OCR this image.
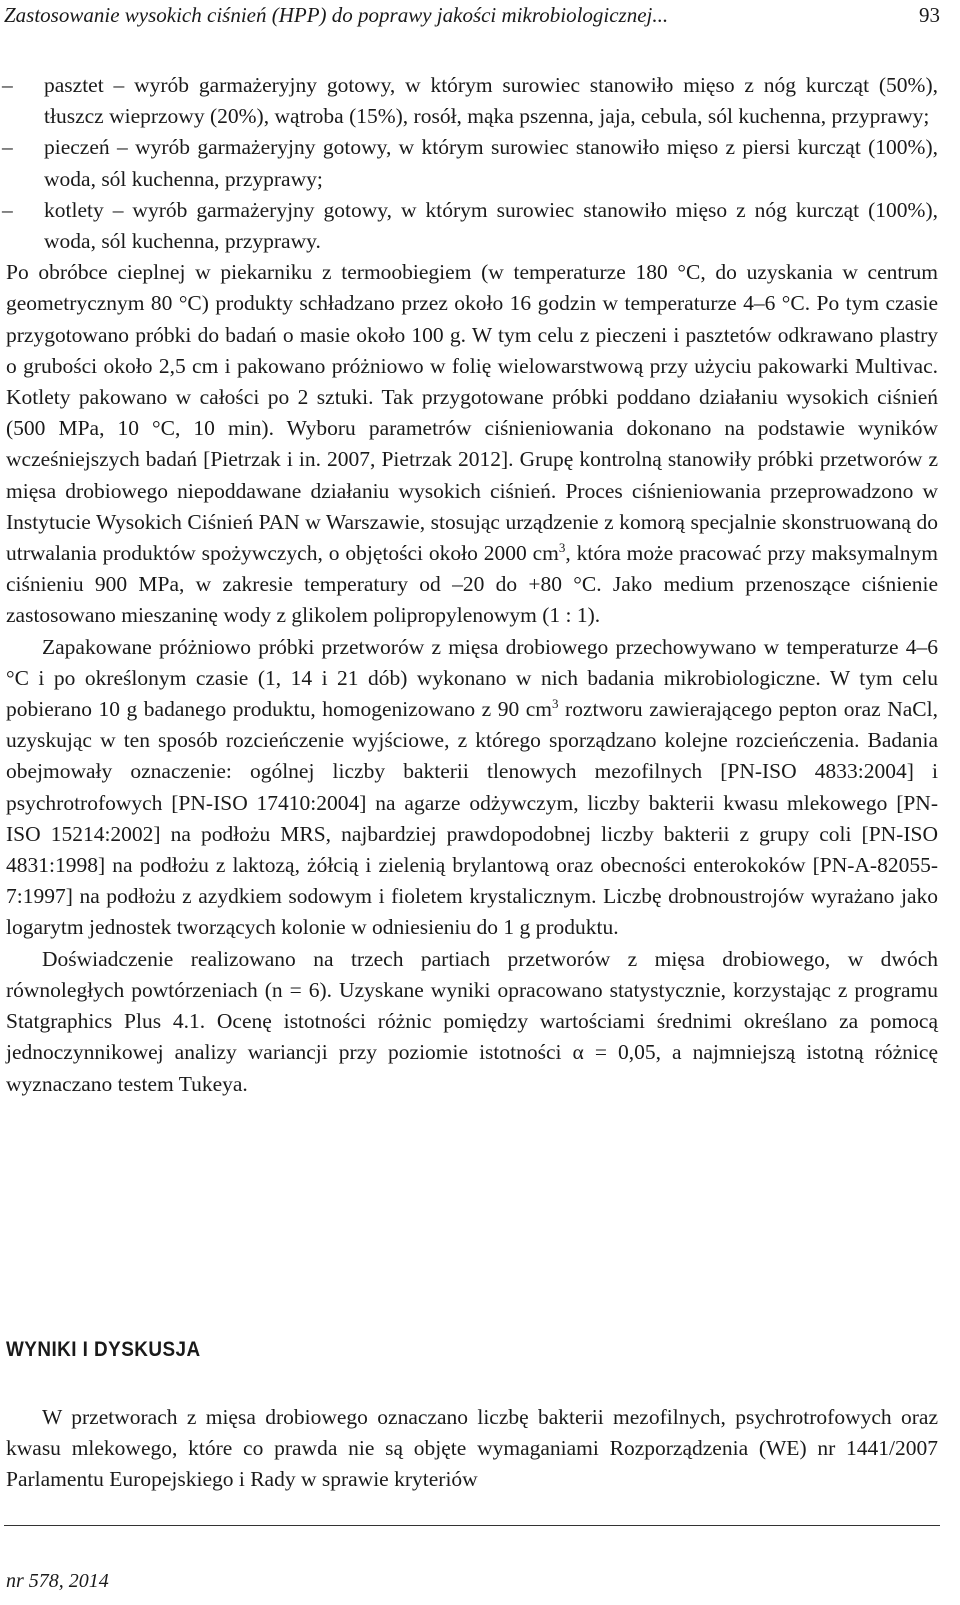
Zastosowanie wysokich ciśnień (HPP) do poprawy jakości mikrobiologicznej...	93
– pasztet – wyrób garmażeryjny gotowy, w którym surowiec stanowiło mięso z nóg kurcząt (50%), tłuszcz wieprzowy (20%), wątroba (15%), rosół, mąka pszenna, jaja, cebula, sól kuchenna, przyprawy;
– pieczeń – wyrób garmażeryjny gotowy, w którym surowiec stanowiło mięso z piersi kurcząt (100%), woda, sól kuchenna, przyprawy;
– kotlety – wyrób garmażeryjny gotowy, w którym surowiec stanowiło mięso z nóg kurcząt (100%), woda, sól kuchenna, przyprawy.

Po obróbce cieplnej w piekarniku z termoobiegiem (w temperaturze 180 °C, do uzyskania w centrum geometrycznym 80 °C) produkty schładzano przez około 16 godzin w temperaturze 4–6 °C. Po tym czasie przygotowano próbki do badań o masie około 100 g. W tym celu z pieczeni i pasztetów odkrawano plastry o grubości około 2,5 cm i pakowano próżniowo w folię wielowarstwową przy użyciu pakowarki Multivac. Kotlety pakowano w całości po 2 sztuki. Tak przygotowane próbki poddano działaniu wysokich ciśnień (500 MPa, 10 °C, 10 min). Wyboru parametrów ciśnieniowania dokonano na podstawie wyników wcześniejszych badań [Pietrzak i in. 2007, Pietrzak 2012]. Grupę kontrolną stanowiły próbki przetworów z mięsa drobiowego niepoddawane działaniu wysokich ciśnień. Proces ciśnieniowania przeprowadzono w Instytucie Wysokich Ciśnień PAN w Warszawie, stosując urządzenie z komorą specjalnie skonstruowaną do utrwalania produktów spożywczych, o objętości około 2000 $cm^3$, która może pracować przy maksymalnym ciśnieniu 900 MPa, w zakresie temperatury od –20 do +80 °C. Jako medium przenoszące ciśnienie zastosowano mieszaninę wody z glikolem polipropylenowym (1 : 1).

Zapakowane próżniowo próbki przetworów z mięsa drobiowego przechowywano w temperaturze 4–6 °C i po określonym czasie (1, 14 i 21 dób) wykonano w nich badania mikrobiologiczne. W tym celu pobierano 10 g badanego produktu, homogenizowano z 90 $cm^3$ roztworu zawierającego pepton oraz NaCl, uzyskując w ten sposób rozcieńczenie wyjściowe, z którego sporządzano kolejne rozcieńczenia. Badania obejmowały oznaczenie: ogólnej liczby bakterii tlenowych mezofilnych [PN-ISO 4833:2004] i psychrotrofowych [PN-ISO 17410:2004] na agarze odżywczym, liczby bakterii kwasu mlekowego [PN-ISO 15214:2002] na podłożu MRS, najbardziej prawdopodobnej liczby bakterii z grupy coli [PN-ISO 4831:1998] na podłożu z laktozą, żółcią i zielenią brylantową oraz obecności enterokoków [PN-A-82055-7:1997] na podłożu z azydkiem sodowym i fioletem krystalicznym. Liczbę drobnoustrojów wyrażano jako logarytm jednostek tworzących kolonie w odniesieniu do 1 g produktu.

Doświadczenie realizowano na trzech partiach przetworów z mięsa drobiowego, w dwóch równoległych powtórzeniach (n = 6). Uzyskane wyniki opracowano statystycznie, korzystając z programu Statgraphics Plus 4.1. Ocenę istotności różnic pomiędzy wartościami średnimi określano za pomocą jednoczynnikowej analizy wariancji przy poziomie istotności α = 0,05, a najmniejszą istotną różnicę wyznaczano testem Tukeya.

WYNIKI I DYSKUSJA

W przetworach z mięsa drobiowego oznaczano liczbę bakterii mezofilnych, psychrotrofowych oraz kwasu mlekowego, które co prawda nie są objęte wymaganiami Rozporządzenia (WE) nr 1441/2007 Parlamentu Europejskiego i Rady w sprawie kryteriów

nr 578, 2014
